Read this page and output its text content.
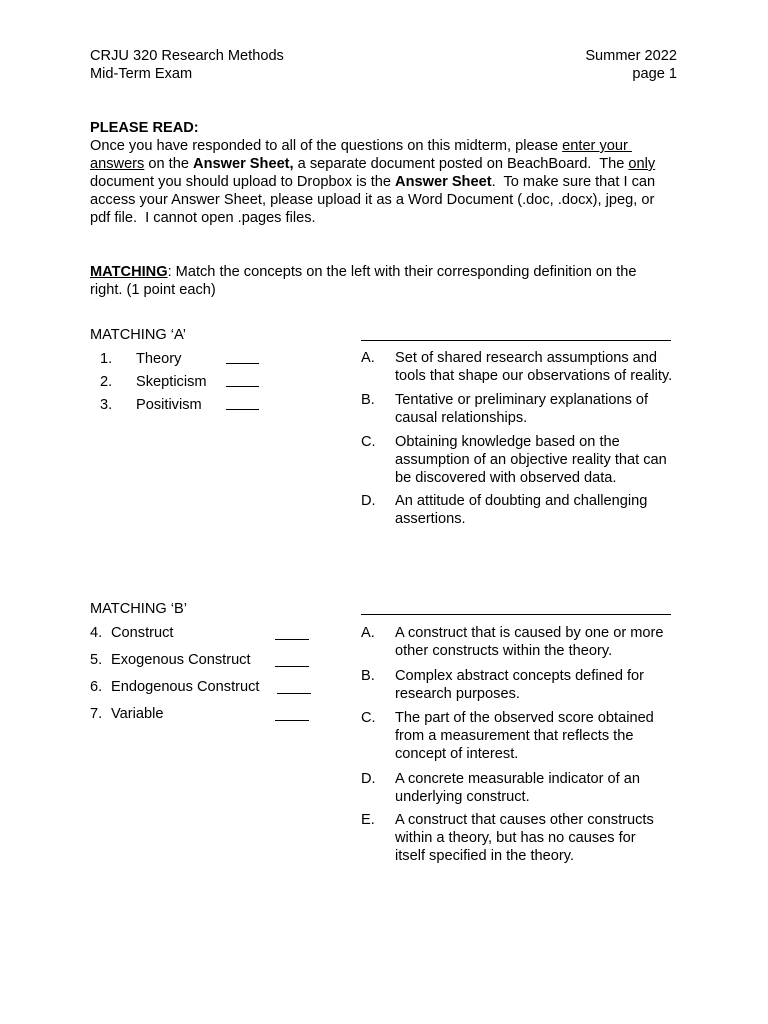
CRJU 320 Research Methods	Summer 2022
Mid-Term Exam	page 1
PLEASE READ:
Once you have responded to all of the questions on this midterm, please enter your
answers on the Answer Sheet, a separate document posted on BeachBoard.  The only
document you should upload to Dropbox is the Answer Sheet.  To make sure that I can
access your Answer Sheet, please upload it as a Word Document (.doc, .docx), jpeg, or
pdf file.  I cannot open .pages files.
MATCHING: Match the concepts on the left with their corresponding definition on the
right. (1 point each)
MATCHING ‘A’
1. Theory
2. Skepticism
3. Positivism
A. Set of shared research assumptions and
tools that shape our observations of reality.
B. Tentative or preliminary explanations of
causal relationships.
C. Obtaining knowledge based on the
assumption of an objective reality that can
be discovered with observed data.
D. An attitude of doubting and challenging
assertions.
MATCHING ‘B’
4. Construct
5. Exogenous Construct
6. Endogenous Construct
7. Variable
A. A construct that is caused by one or more
other constructs within the theory.
B. Complex abstract concepts defined for
research purposes.
C. The part of the observed score obtained
from a measurement that reflects the
concept of interest.
D. A concrete measurable indicator of an
underlying construct.
E. A construct that causes other constructs
within a theory, but has no causes for
itself specified in the theory.
